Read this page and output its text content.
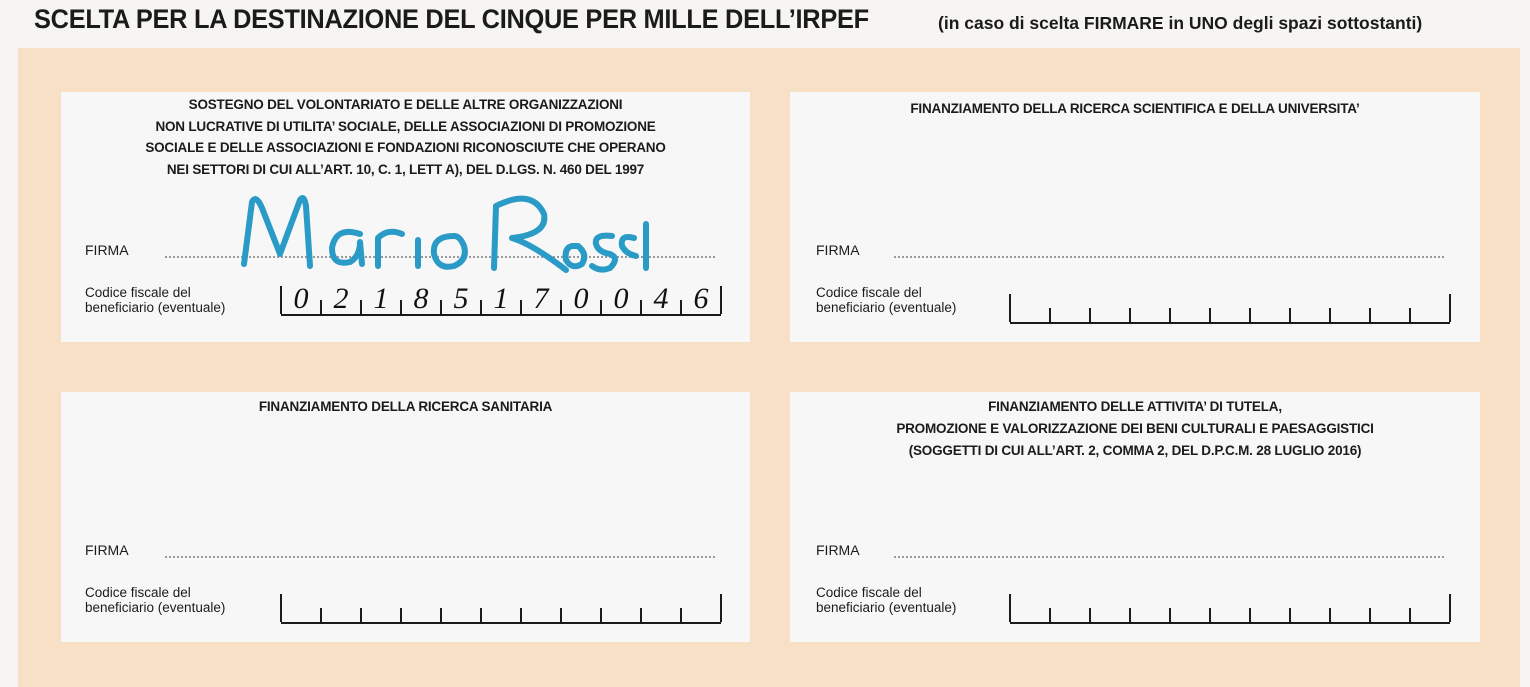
SCELTA PER LA DESTINAZIONE DEL CINQUE PER MILLE DELL’IRPEF	(in caso di scelta FIRMARE in UNO degli spazi sottostanti)
SOSTEGNO DEL VOLONTARIATO E DELLE ALTRE ORGANIZZAZIONI
NON LUCRATIVE DI UTILITA’ SOCIALE, DELLE ASSOCIAZIONI DI PROMOZIONE
SOCIALE E DELLE ASSOCIAZIONI E FONDAZIONI RICONOSCIUTE CHE OPERANO
NEI SETTORI DI CUI ALL’ART. 10, C. 1, LETT A), DEL D.LGS. N. 460 DEL 1997
FIRMA
Codice fiscale del
beneficiario (eventuale)	0 2 1 8 5 1 7 0 0 4 6
FINANZIAMENTO DELLA RICERCA SCIENTIFICA E DELLA UNIVERSITA’
FIRMA
Codice fiscale del
beneficiario (eventuale)
FINANZIAMENTO DELLA RICERCA SANITARIA
FIRMA
Codice fiscale del
beneficiario (eventuale)
FINANZIAMENTO DELLE ATTIVITA’ DI TUTELA,
PROMOZIONE E VALORIZZAZIONE DEI BENI CULTURALI E PAESAGGISTICI
(SOGGETTI DI CUI ALL’ART. 2, COMMA 2, DEL D.P.C.M. 28 LUGLIO 2016)
FIRMA
Codice fiscale del
beneficiario (eventuale)
